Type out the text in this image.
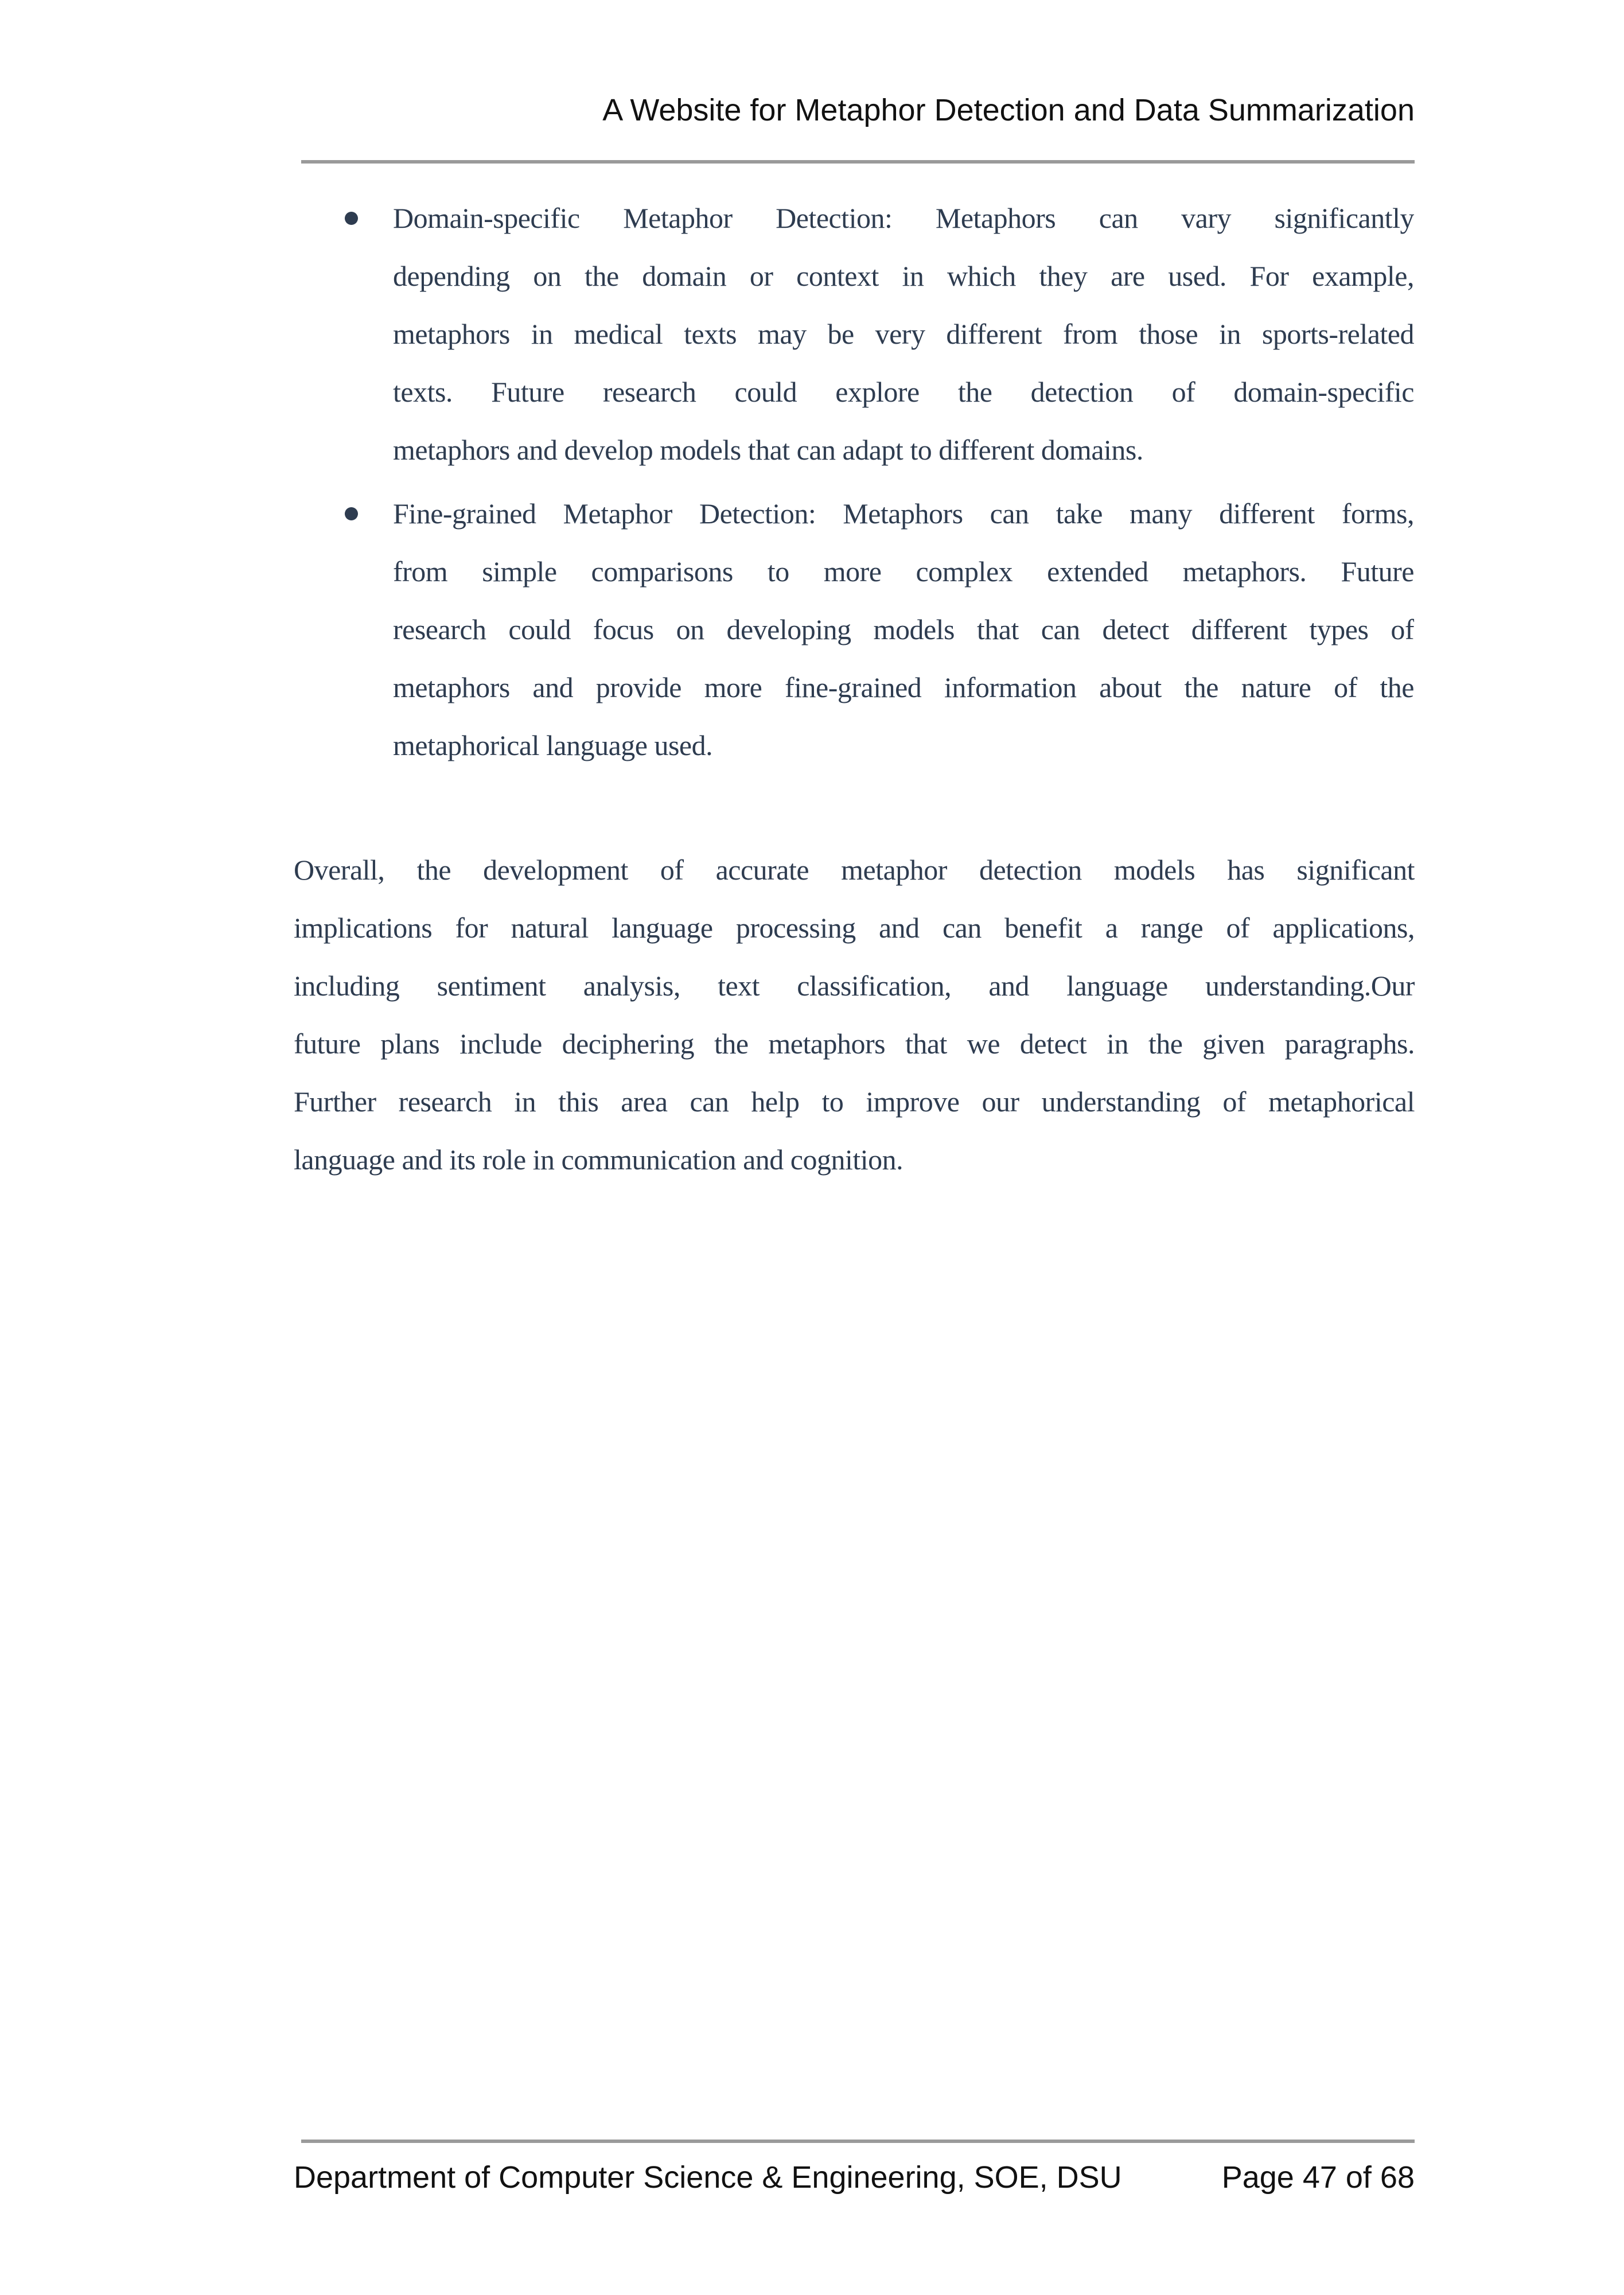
A Website for Metaphor Detection and Data Summarization
Domain-specific Metaphor Detection: Metaphors can vary significantly
depending on the domain or context in which they are used. For example,
metaphors in medical texts may be very different from those in sports-related
texts. Future research could explore the detection of domain-specific
metaphors and develop models that can adapt to different domains.
Fine-grained Metaphor Detection: Metaphors can take many different forms,
from simple comparisons to more complex extended metaphors. Future
research could focus on developing models that can detect different types of
metaphors and provide more fine-grained information about the nature of the
metaphorical language used.
Overall, the development of accurate metaphor detection models has significant
implications for natural language processing and can benefit a range of applications,
including sentiment analysis, text classification, and language understanding.Our
future plans include deciphering the metaphors that we detect in the given paragraphs.
Further research in this area can help to improve our understanding of metaphorical
language and its role in communication and cognition.
Department of Computer Science & Engineering, SOE, DSU	Page 47 of 68
